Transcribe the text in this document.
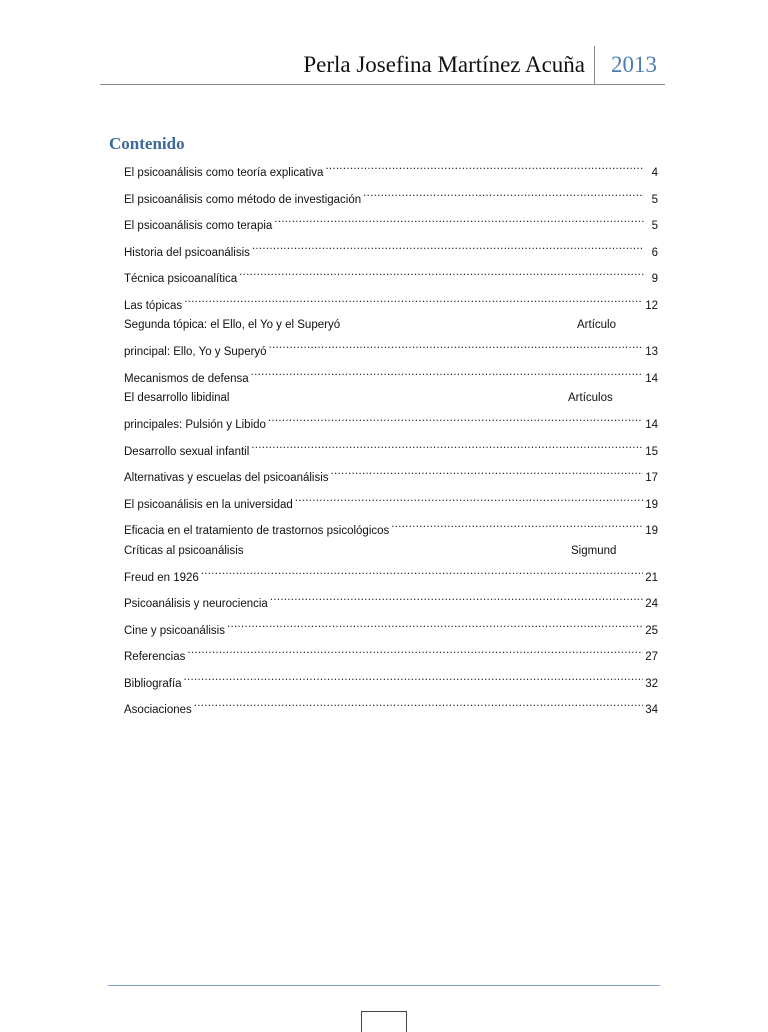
Perla Josefina Martínez Acuña 2013
Contenido
El psicoanálisis como teoría explicativa .....	4
El psicoanálisis como método de investigación .....	5
El psicoanálisis como terapia .....	5
Historia del psicoanálisis .....	6
Técnica psicoanalítica .....	9
Las tópicas .....	12
Segunda tópica: el Ello, el Yo y el Superyó	Artículo
principal: Ello, Yo y Superyó .....	13
Mecanismos de defensa .....	14
El desarrollo libidinal	Artículos
principales: Pulsión y Libido .....	14
Desarrollo sexual infantil .....	15
Alternativas y escuelas del psicoanálisis .....	17
El psicoanálisis en la universidad .....	19
Eficacia en el tratamiento de trastornos psicológicos .....	19
Críticas al psicoanálisis	Sigmund
Freud en 1926 .....	21
Psicoanálisis y neurociencia .....	24
Cine y psicoanálisis .....	25
Referencias .....	27
Bibliografía .....	32
Asociaciones .....	34
